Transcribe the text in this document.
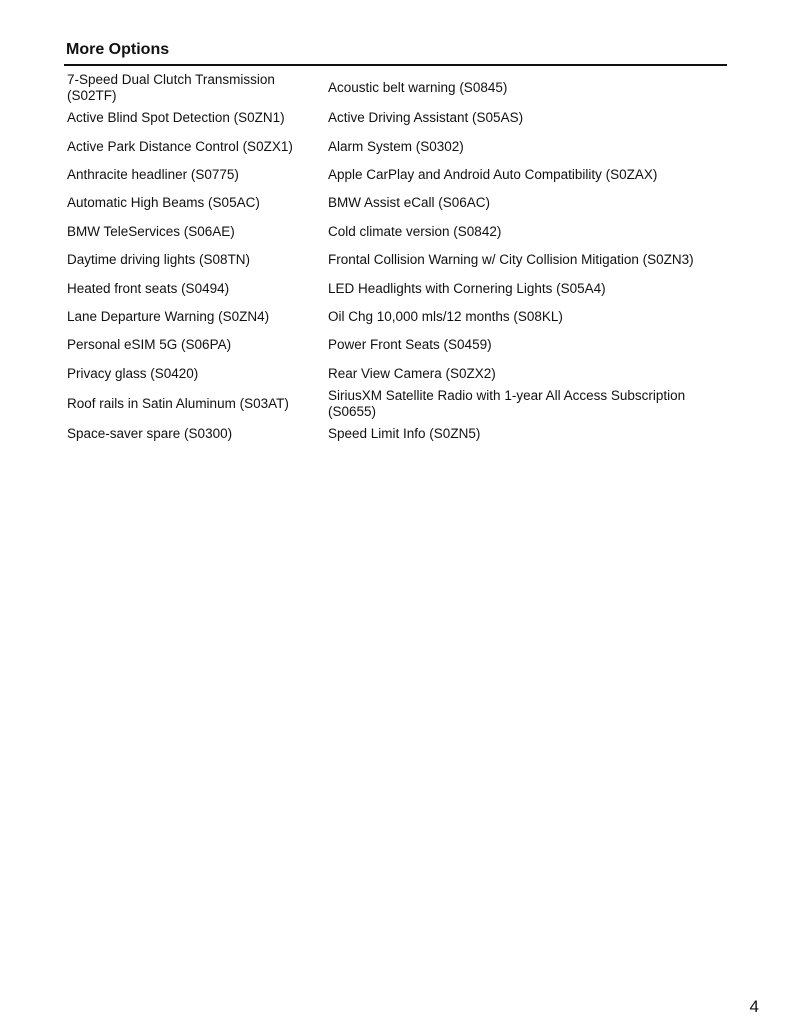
More Options
7-Speed Dual Clutch Transmission (S02TF)	Acoustic belt warning (S0845)
Active Blind Spot Detection (S0ZN1)	Active Driving Assistant (S05AS)
Active Park Distance Control (S0ZX1)	Alarm System (S0302)
Anthracite headliner (S0775)	Apple CarPlay and Android Auto Compatibility (S0ZAX)
Automatic High Beams (S05AC)	BMW Assist eCall (S06AC)
BMW TeleServices (S06AE)	Cold climate version (S0842)
Daytime driving lights (S08TN)	Frontal Collision Warning w/ City Collision Mitigation (S0ZN3)
Heated front seats (S0494)	LED Headlights with Cornering Lights (S05A4)
Lane Departure Warning (S0ZN4)	Oil Chg 10,000 mls/12 months (S08KL)
Personal eSIM 5G (S06PA)	Power Front Seats (S0459)
Privacy glass (S0420)	Rear View Camera (S0ZX2)
Roof rails in Satin Aluminum (S03AT)	SiriusXM Satellite Radio with 1-year All Access Subscription (S0655)
Space-saver spare (S0300)	Speed Limit Info (S0ZN5)
4
